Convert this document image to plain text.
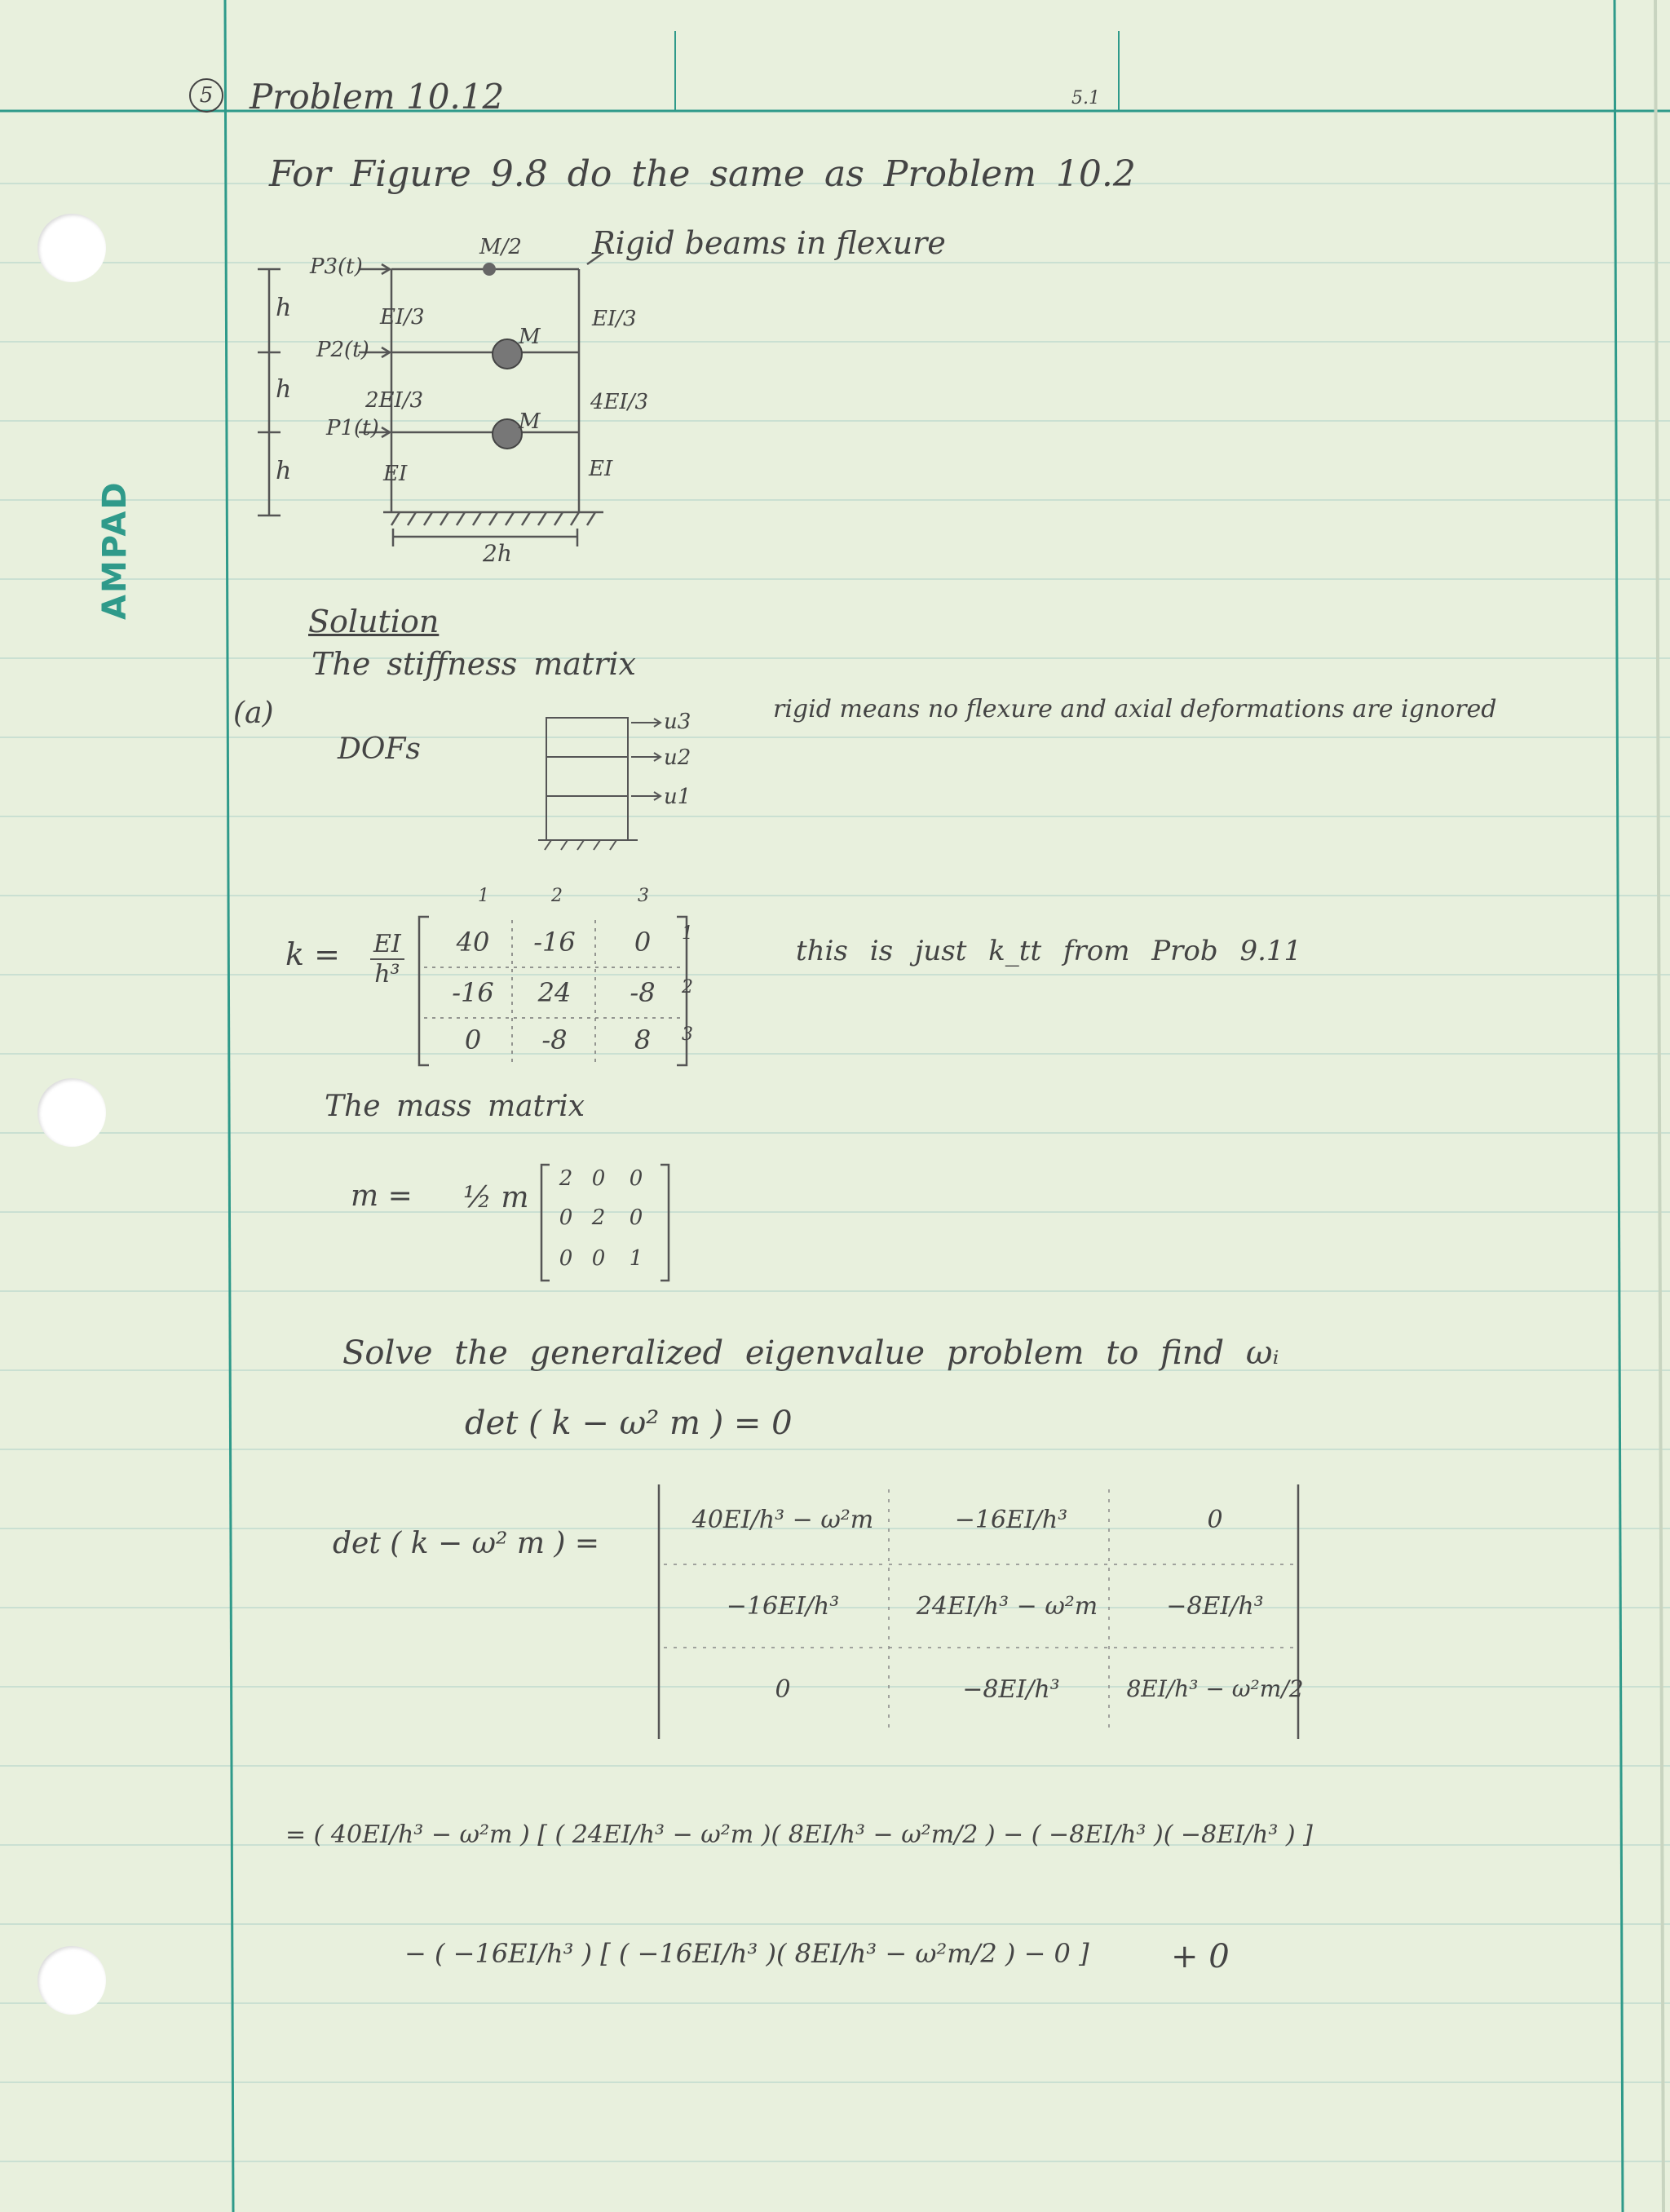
AMPAD
5	Problem 10.12	5.1
For Figure 9.8 do the same as Problem 10.2
M/2 Rigid beams in flexure
P3(t)
P2(t)
P1(t)
h
h
h
EI/3	EI/3
2EI/3	4EI/3
EI	EI
M
M
2h
Solution
The stiffness matrix
(a)
DOFs
u3
u2
u1
rigid means no flexure and axial deformations are ignored
$k = \frac{EI}{\text{h³}}$
1	2	3
1
2
3
40	-16	0
-16	24	-8
0	-8	8
this is just k_tt from Prob 9.11
The mass matrix
m = ½ m
2 0	0
0 2	0
0 0	1
Solve the generalized eigenvalue problem to find ωᵢ
det ( k − ω² m ) = 0
det ( k − ω² m ) =
40EI/h³ − ω²m	−16EI/h³	0
−16EI/h³	24EI/h³ − ω²m	−8EI/h³
0	−8EI/h³	8EI/h³ − ω²m/2
= ( 40EI/h³ − ω²m ) [ ( 24EI/h³ − ω²m )( 8EI/h³ − ω²m/2 ) − ( −8EI/h³ )( −8EI/h³ ) ]
− ( −16EI/h³ ) [ ( −16EI/h³ )( 8EI/h³ − ω²m/2 ) − 0 ]	+ 0
